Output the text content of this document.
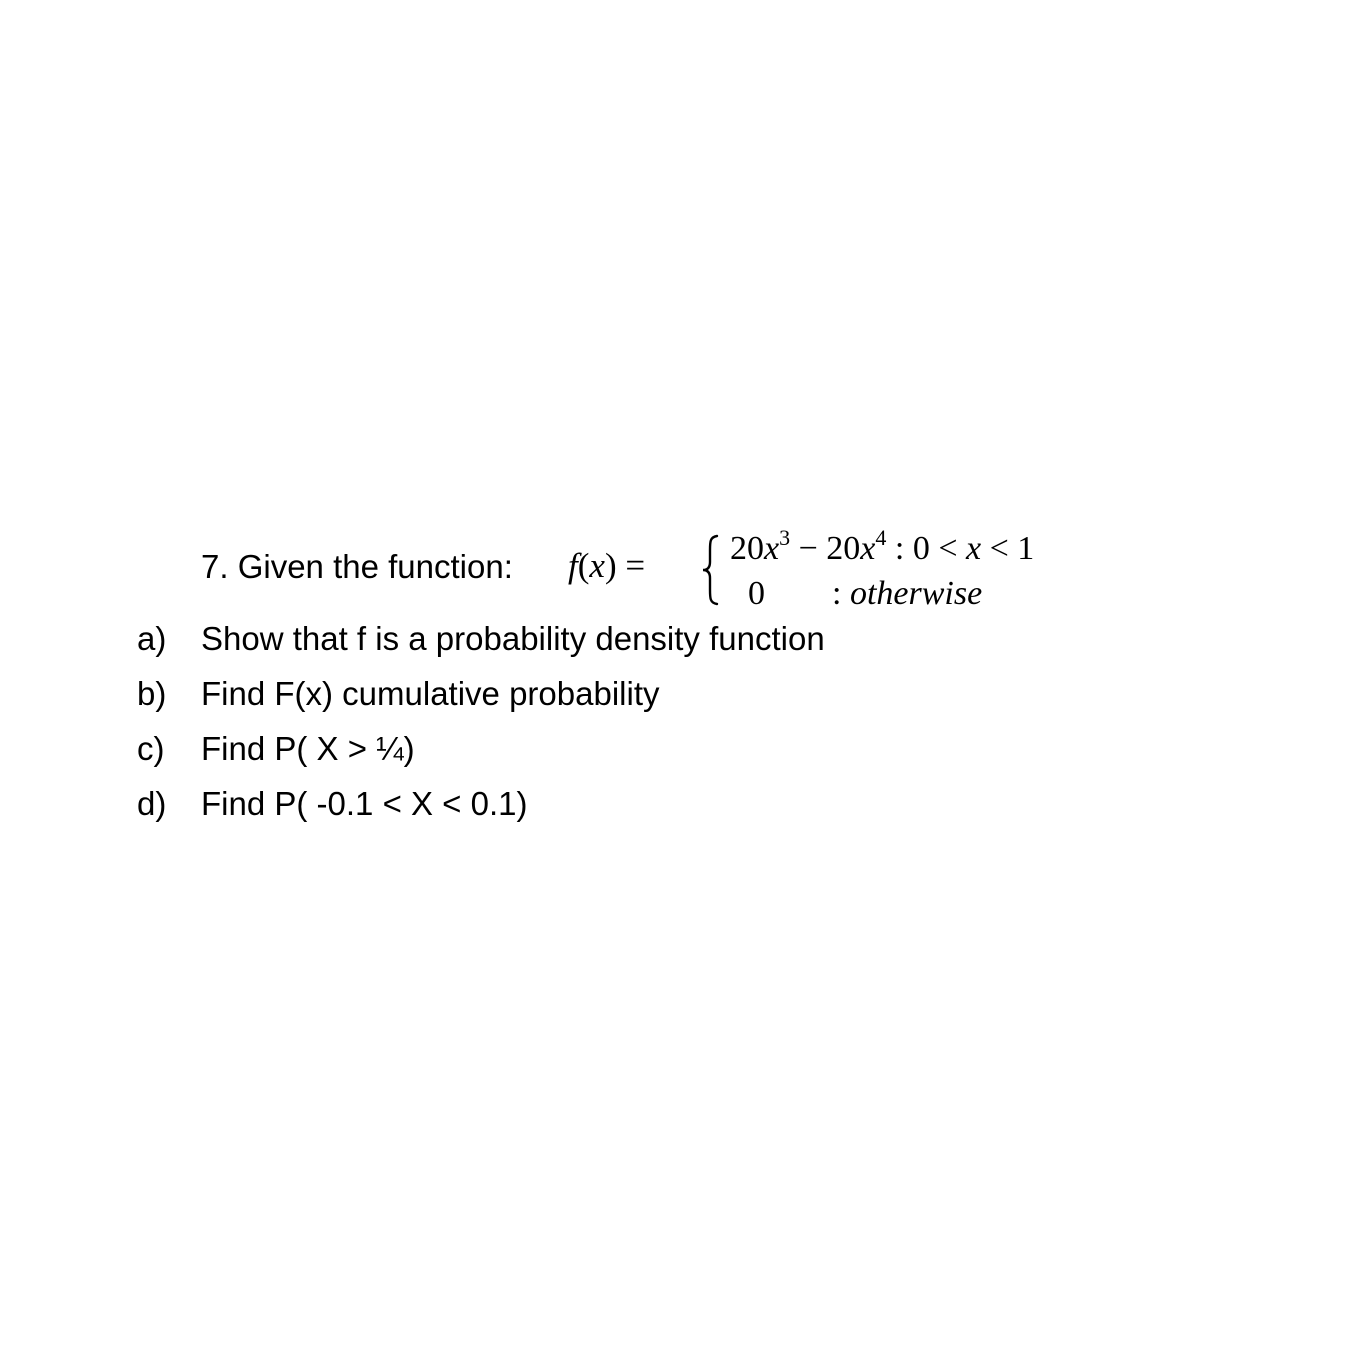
7. Given the function: $f(x) = 20x^3 - 20x^4$ : 0 < x < 1
0 : otherwise
a) Show that f is a probability density function
b) Find F(x) cumulative probability
c) Find P( X > ¼)
d) Find P( -0.1 < X < 0.1)
